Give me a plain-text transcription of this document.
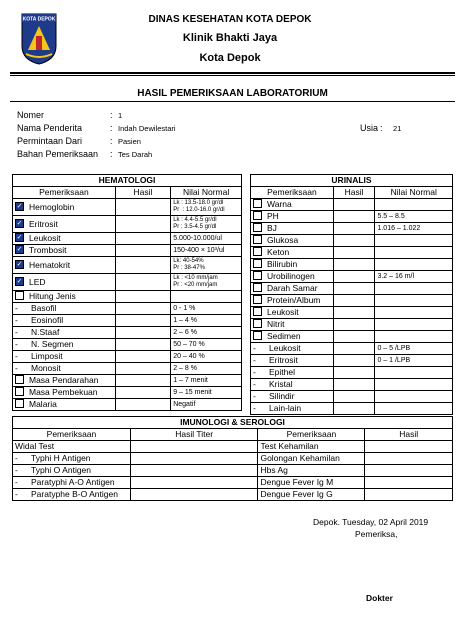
KOTA DEPOK	DINAS KESEHATAN KOTA DEPOK
Klinik Bhakti Jaya
Kota Depok
HASIL PEMERIKSAAN LABORATORIUM
Nomer	: 1
Nama Penderita	: Indah Dewilestari
Permintaan Dari	: Pasien
Bahan Pemeriksaan : Tes Darah
Usia : 21
HEMATOLOGI		
Pemeriksaan	Hasil	Nilai Normal
✓ Hemoglobin		Lk : 13.5-18.0 gr/dl
Pr  : 12.0-16.0 gr/dl
✓ Eritrosit		Lk : 4.4-5.5 gr/dl
Pr : 3.5-4.5 gr/dl
✓ Leukosit		5.000-10.000/ul
✓ Trombosit		150-400 × 10³/ul
✓ Hematokrit		Lk: 40-54%
Pr : 38-47%
✓ LED		Lk : <10 mm/jam
Pr : <20 mm/jam
Hitung Jenis		
- Basofil		0 - 1 %
- Eosinofil		1 – 4 %
- N.Staaf		2 – 6 %
- N. Segmen		50 – 70 %
- Limposit		20 – 40 %
- Monosit		2 – 8 %
Masa Pendarahan		1 – 7 menit
Masa Pembekuan		9 – 15 menit
Malaria		Negatif
URINALIS		
Pemeriksaan	Hasil	Nilai Normal
Warna		
PH		5.5 – 8.5
BJ		1.016 – 1.022
Glukosa		
Keton		
Bilirubin		
Urobilinogen		3.2 – 16 m/l
Darah Samar		
Protein/Album		
Leukosit		
Nitrit		
Sedimen		
- Leukosit		0 – 5 /LPB
- Eritrosit		0 – 1 /LPB
- Epithel		
- Kristal		
- Silindir		
- Lain-lain		
IMUNOLOGI & SEROLOGI			
Pemeriksaan	Hasil Titer	Pemeriksaan	Hasil
Widal Test		Test Kehamilan	
- Typhi H Antigen		Golongan Kehamilan	
- Typhi O Antigen		Hbs Ag	
- Paratyphi A-O Antigen		Dengue Fever Ig M	
- Paratyphe B-O Antigen		Dengue Fever Ig G	
Depok. Tuesday, 02 April 2019
Pemeriksa,
Dokter
